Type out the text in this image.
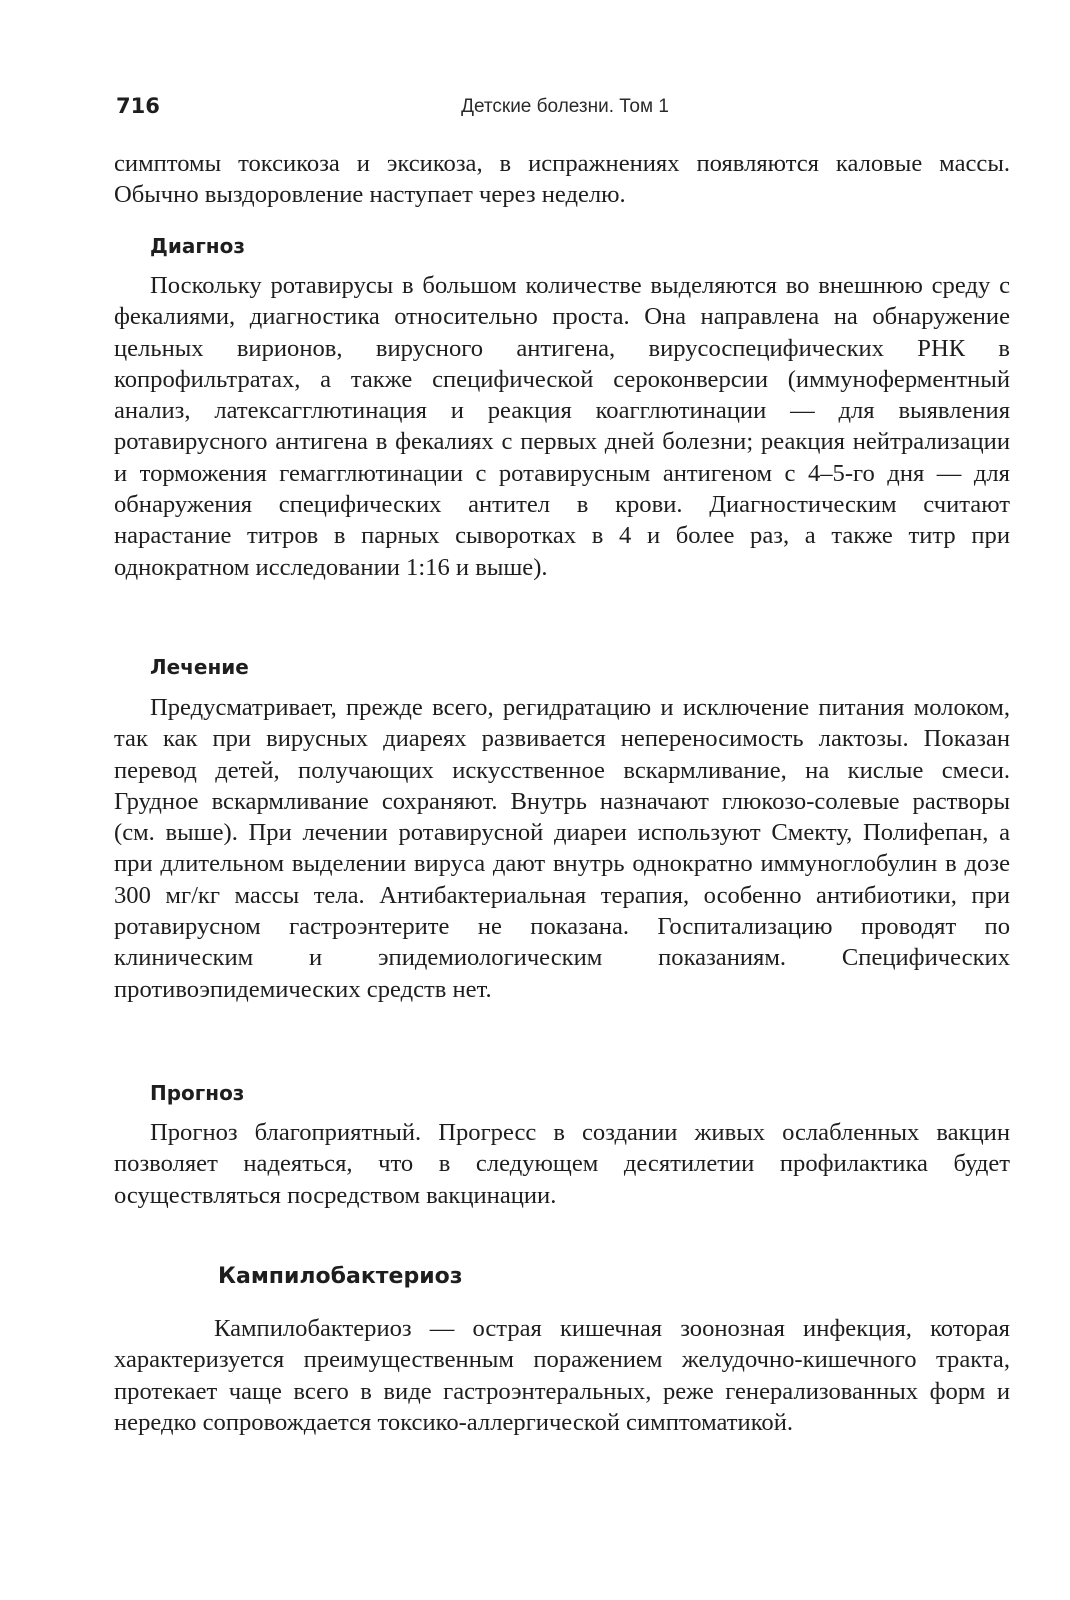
716	Детские болезни. Том 1

симптомы токсикоза и эксикоза, в испражнениях появляются каловые массы. Обычно выздоровление наступает через неделю.

Диагноз

Поскольку ротавирусы в большом количестве выделяются во внешнюю среду с фекалиями, диагностика относительно проста. Она направлена на обнаружение цельных вирионов, вирусного антигена, вирусоспецифических РНК в копрофильтратах, а также специфической сероконверсии (иммуноферментный анализ, латексагглютинация и реакция коагглютинации — для выявления ротавирусного антигена в фекалиях с первых дней болезни; реакция нейтрализации и торможения гемагглютинации с ротавирусным антигеном с 4–5-го дня — для обнаружения специфических антител в крови. Диагностическим считают нарастание титров в парных сыворотках в 4 и более раз, а также титр при однократном исследовании 1:16 и выше).

Лечение

Предусматривает, прежде всего, регидратацию и исключение питания молоком, так как при вирусных диареях развивается непереносимость лактозы. Показан перевод детей, получающих искусственное вскармливание, на кислые смеси. Грудное вскармливание сохраняют. Внутрь назначают глюкозо-солевые растворы (см. выше). При лечении ротавирусной диареи используют Смекту, Полифепан, а при длительном выделении вируса дают внутрь однократно иммуноглобулин в дозе 300 мг/кг массы тела. Антибактериальная терапия, особенно антибиотики, при ротавирусном гастроэнтерите не показана. Госпитализацию проводят по клиническим и эпидемиологическим показаниям. Специфических противоэпидемических средств нет.

Прогноз

Прогноз благоприятный. Прогресс в создании живых ослабленных вакцин позволяет надеяться, что в следующем десятилетии профилактика будет осуществляться посредством вакцинации.

Кампилобактериоз

Кампилобактериоз — острая кишечная зоонозная инфекция, которая характеризуется преимущественным поражением желудочно-кишечного тракта, протекает чаще всего в виде гастроэнтеральных, реже генерализованных форм и нередко сопровождается токсико-аллергической симптоматикой.
